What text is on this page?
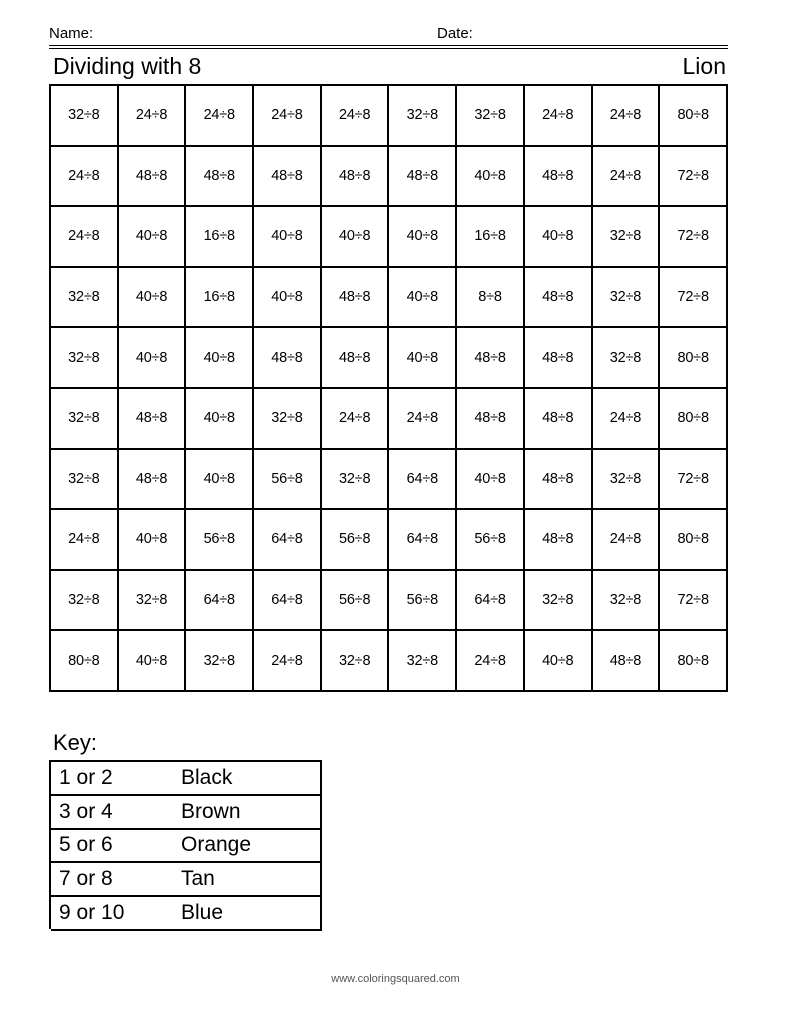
Name:	Date:
Dividing with 8	Lion
32÷8	24÷8	24÷8	24÷8	24÷8	32÷8	32÷8	24÷8	24÷8	80÷8
24÷8	48÷8	48÷8	48÷8	48÷8	48÷8	40÷8	48÷8	24÷8	72÷8
24÷8	40÷8	16÷8	40÷8	40÷8	40÷8	16÷8	40÷8	32÷8	72÷8
32÷8	40÷8	16÷8	40÷8	48÷8	40÷8	8÷8	48÷8	32÷8	72÷8
32÷8	40÷8	40÷8	48÷8	48÷8	40÷8	48÷8	48÷8	32÷8	80÷8
32÷8	48÷8	40÷8	32÷8	24÷8	24÷8	48÷8	48÷8	24÷8	80÷8
32÷8	48÷8	40÷8	56÷8	32÷8	64÷8	40÷8	48÷8	32÷8	72÷8
24÷8	40÷8	56÷8	64÷8	56÷8	64÷8	56÷8	48÷8	24÷8	80÷8
32÷8	32÷8	64÷8	64÷8	56÷8	56÷8	64÷8	32÷8	32÷8	72÷8
80÷8	40÷8	32÷8	24÷8	32÷8	32÷8	24÷8	40÷8	48÷8	80÷8
Key:
1 or 2	Black
3 or 4	Brown
5 or 6	Orange
7 or 8	Tan
9 or 10	Blue
www.coloringsquared.com
